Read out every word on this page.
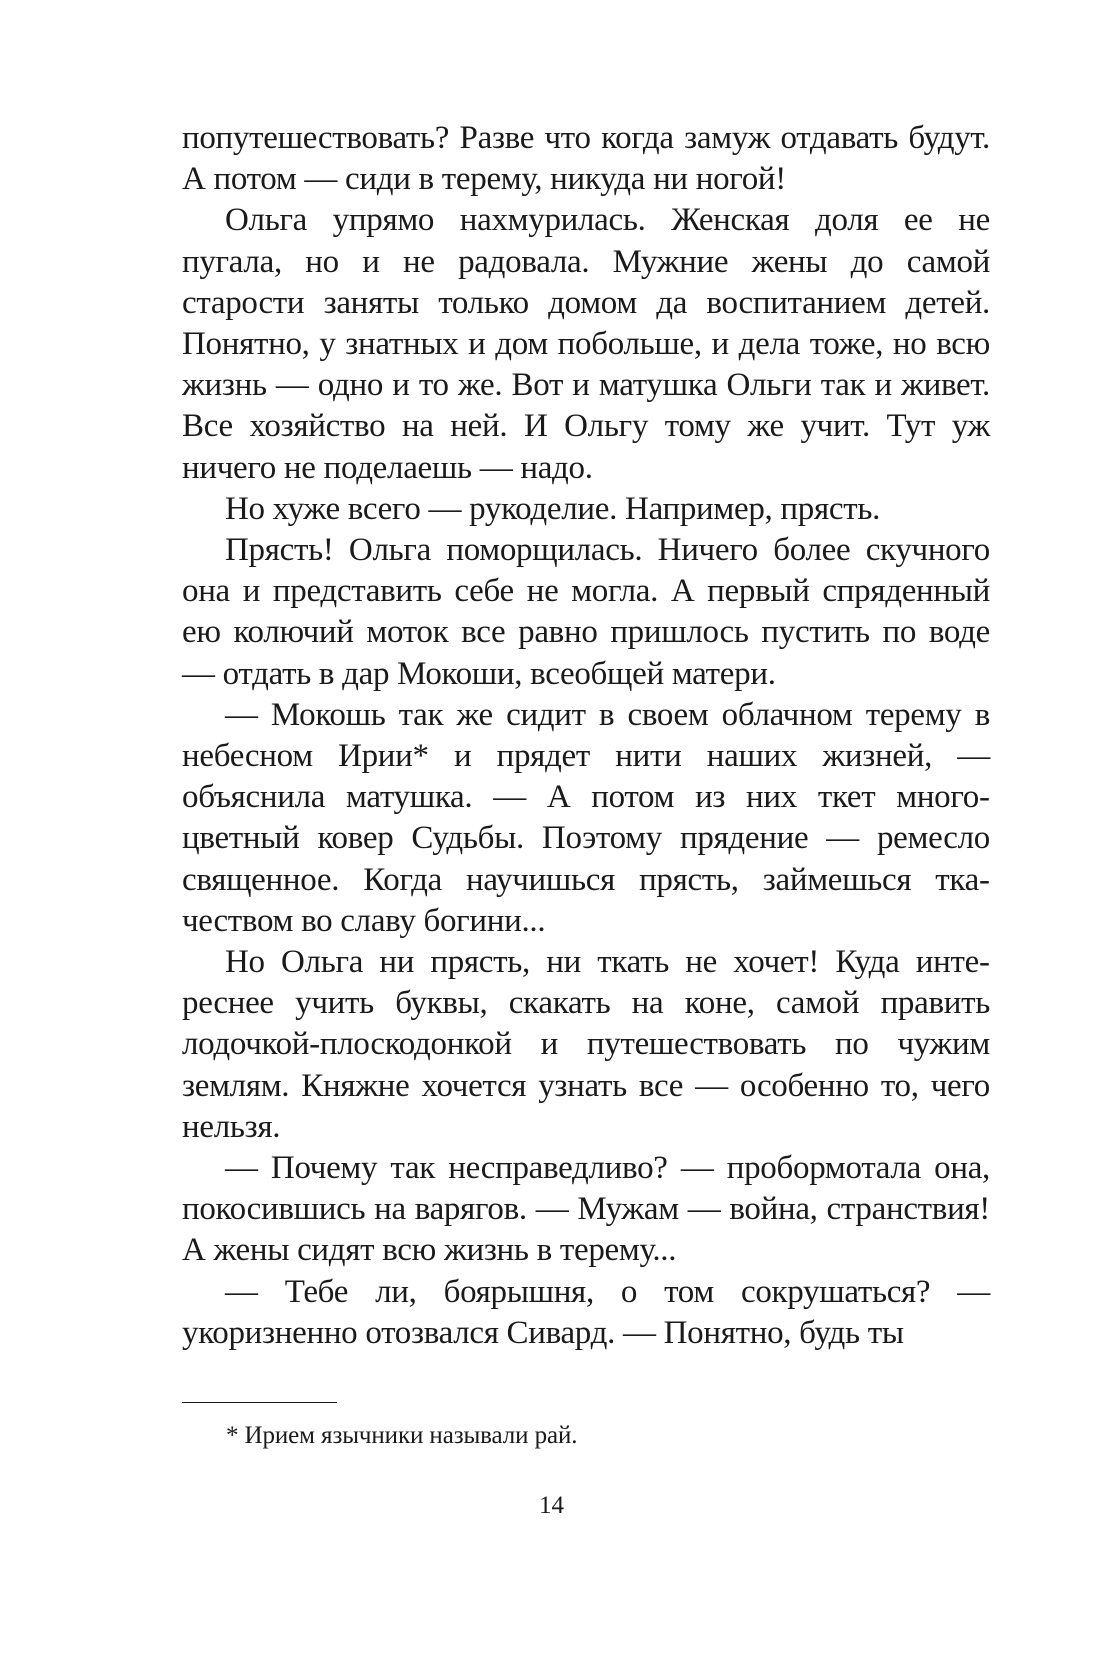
попутешествовать? Разве что когда замуж отдавать будут. А потом — сиди в терему, никуда ни ногой!

Ольга упрямо нахмурилась. Женская доля ее не пугала, но и не радовала. Мужние жены до самой старости заняты только домом да воспитанием детей. Понятно, у знатных и дом побольше, и дела тоже, но всю жизнь — одно и то же. Вот и матушка Ольги так и живет. Все хозяйство на ней. И Ольгу тому же учит. Тут уж ничего не поделаешь — надо.

Но хуже всего — рукоделие. Например, прясть.

Прясть! Ольга поморщилась. Ничего более скучного она и представить себе не могла. А первый спряденный ею колючий моток все равно пришлось пустить по воде — отдать в дар Мокоши, всеобщей матери.

— Мокошь так же сидит в своем облачном терему в небесном Ирии* и прядет нити наших жизней, — объяснила матушка. — А потом из них ткет многоцветный ковер Судьбы. Поэтому прядение — ремесло священное. Когда научишься прясть, займешься ткачеством во славу богини...

Но Ольга ни прясть, ни ткать не хочет! Куда интереснее учить буквы, скакать на коне, самой править лодочкой-плоскодонкой и путешествовать по чужим землям. Княжне хочется узнать все — особенно то, чего нельзя.

— Почему так несправедливо? — пробормотала она, покосившись на варягов. — Мужам — война, странствия! А жены сидят всю жизнь в терему...

— Тебе ли, боярышня, о том сокрушаться? — укоризненно отозвался Сивард. — Понятно, будь ты

* Ирием язычники называли рай.
14
